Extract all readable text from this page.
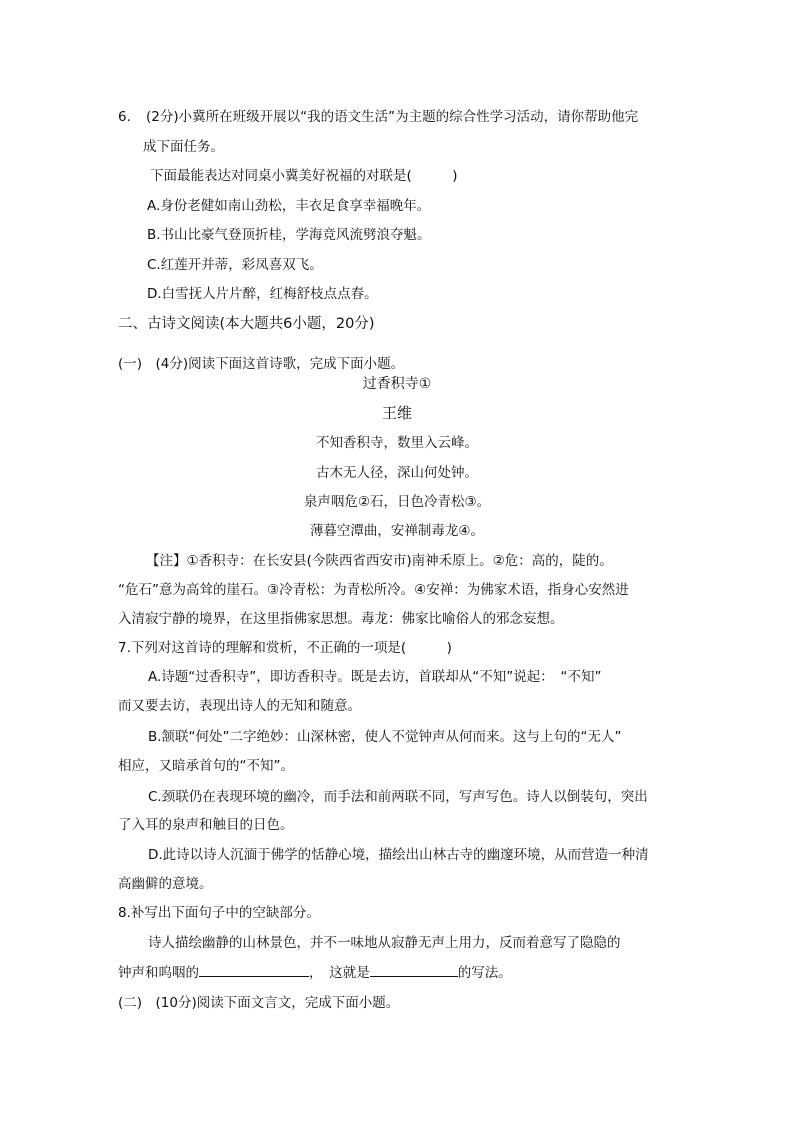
6. (2分)小冀所在班级开展以“我的语文生活”为主题的综合性学习活动，请你帮助他完
成下面任务。
下面最能表达对同桌小冀美好祝福的对联是(　　　)
A.身份老健如南山劲松，丰衣足食享幸福晚年。
B.书山比豪气登顶折桂，学海竞风流劈浪夺魁。
C.红莲开并蒂，彩凤喜双飞。
D.白雪抚人片片醉，红梅舒枝点点春。
二、古诗文阅读(本大题共6小题，20分)
(一)　(4分)阅读下面这首诗歌，完成下面小题。
过香积寺①
王维
不知香积寺，数里入云峰。
古木无人径，深山何处钟。
泉声咽危②石，日色冷青松③。
薄暮空潭曲，安禅制毒龙④。
【注】①香积寺：在长安县(今陕西省西安市)南神禾原上。②危：高的，陡的。
“危石”意为高耸的崖石。③冷青松：为青松所冷。④安禅：为佛家术语，指身心安然进
入清寂宁静的境界，在这里指佛家思想。毒龙：佛家比喻俗人的邪念妄想。
7.下列对这首诗的理解和赏析，不正确的一项是(　　　)
A.诗题“过香积寺”，即访香积寺。既是去访，首联却从“不知”说起：　“不知”
而又要去访，表现出诗人的无知和随意。
B.颔联“何处”二字绝妙：山深林密，使人不觉钟声从何而来。这与上句的“无人”
相应，又暗承首句的“不知”。
C.颈联仍在表现环境的幽冷，而手法和前两联不同，写声写色。诗人以倒装句，突出
了入耳的泉声和触目的日色。
D.此诗以诗人沉湎于佛学的恬静心境，描绘出山林古寺的幽邃环境，从而营造一种清
高幽僻的意境。
8.补写出下面句子中的空缺部分。
诗人描绘幽静的山林景色，并不一味地从寂静无声上用力，反而着意写了隐隐的
钟声和呜咽的	，　这就是	的写法。
(二)　(10分)阅读下面文言文，完成下面小题。
